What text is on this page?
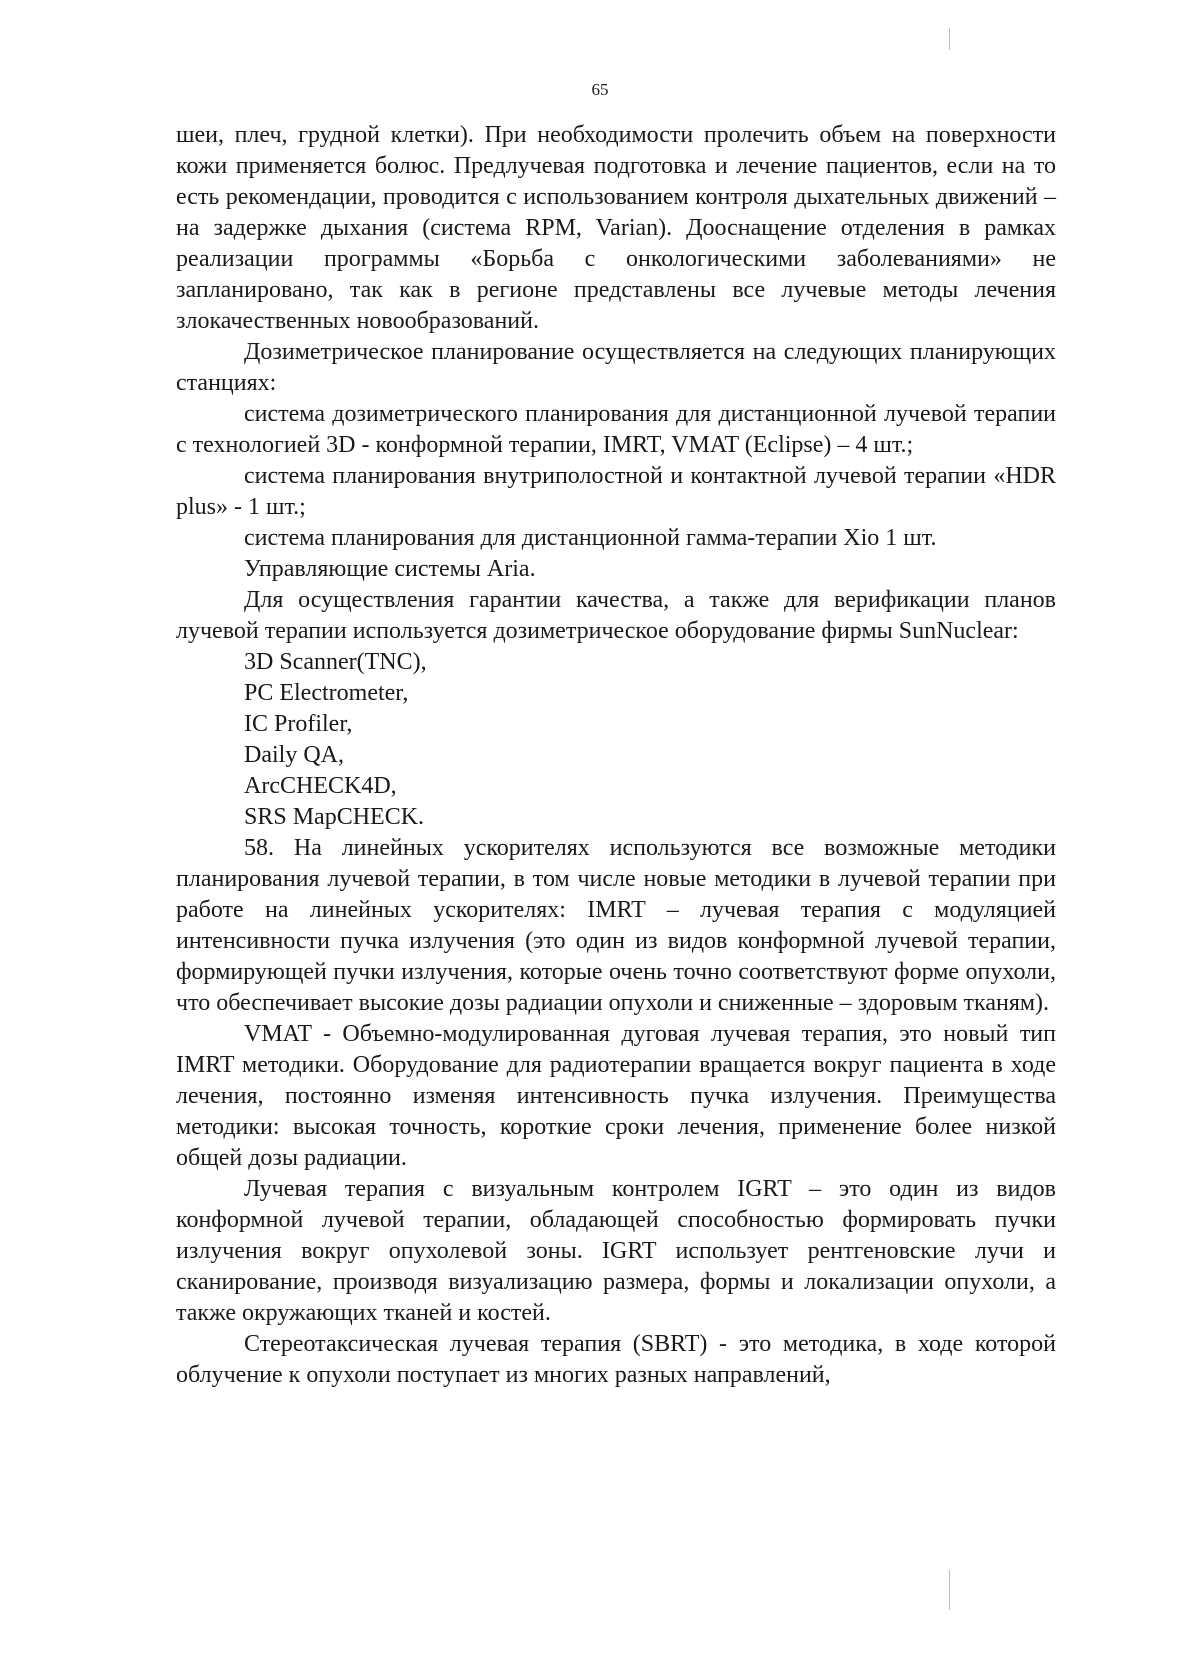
65

шеи, плеч, грудной клетки). При необходимости пролечить объем на поверхности кожи применяется болюс. Предлучевая подготовка и лечение пациентов, если на то есть рекомендации, проводится с использованием контроля дыхательных движений – на задержке дыхания (система RPM, Varian). Дооснащение отделения в рамках реализации программы «Борьба с онкологическими заболеваниями» не запланировано, так как в регионе представлены все лучевые методы лечения злокачественных новообразований.

Дозиметрическое планирование осуществляется на следующих планирующих станциях:

система дозиметрического планирования для дистанционной лучевой терапии с технологией 3D - конформной терапии, IMRT, VMAT (Eclipse) – 4 шт.;

система планирования внутриполостной и контактной лучевой терапии «HDR plus» - 1 шт.;

система планирования для дистанционной гамма-терапии Xio 1 шт.

Управляющие системы Aria.

Для осуществления гарантии качества, а также для верификации планов лучевой терапии используется дозиметрическое оборудование фирмы SunNuclear:

3D Scanner(TNC),

PC Electrometer,

IC Profiler,

Daily QA,

ArcCHECK4D,

SRS MapCHECK.

58. На линейных ускорителях используются все возможные методики планирования лучевой терапии, в том числе новые методики в лучевой терапии при работе на линейных ускорителях: IMRT – лучевая терапия с модуляцией интенсивности пучка излучения (это один из видов конформной лучевой терапии, формирующей пучки излучения, которые очень точно соответствуют форме опухоли, что обеспечивает высокие дозы радиации опухоли и сниженные – здоровым тканям).

VMAT - Объемно-модулированная дуговая лучевая терапия, это новый тип IMRT методики. Оборудование для радиотерапии вращается вокруг пациента в ходе лечения, постоянно изменяя интенсивность пучка излучения. Преимущества методики: высокая точность, короткие сроки лечения, применение более низкой общей дозы радиации.

Лучевая терапия с визуальным контролем IGRT – это один из видов конформной лучевой терапии, обладающей способностью формировать пучки излучения вокруг опухолевой зоны. IGRT использует рентгеновские лучи и сканирование, производя визуализацию размера, формы и локализации опухоли, а также окружающих тканей и костей.

Стереотаксическая лучевая терапия (SBRT) - это методика, в ходе которой облучение к опухоли поступает из многих разных направлений,
